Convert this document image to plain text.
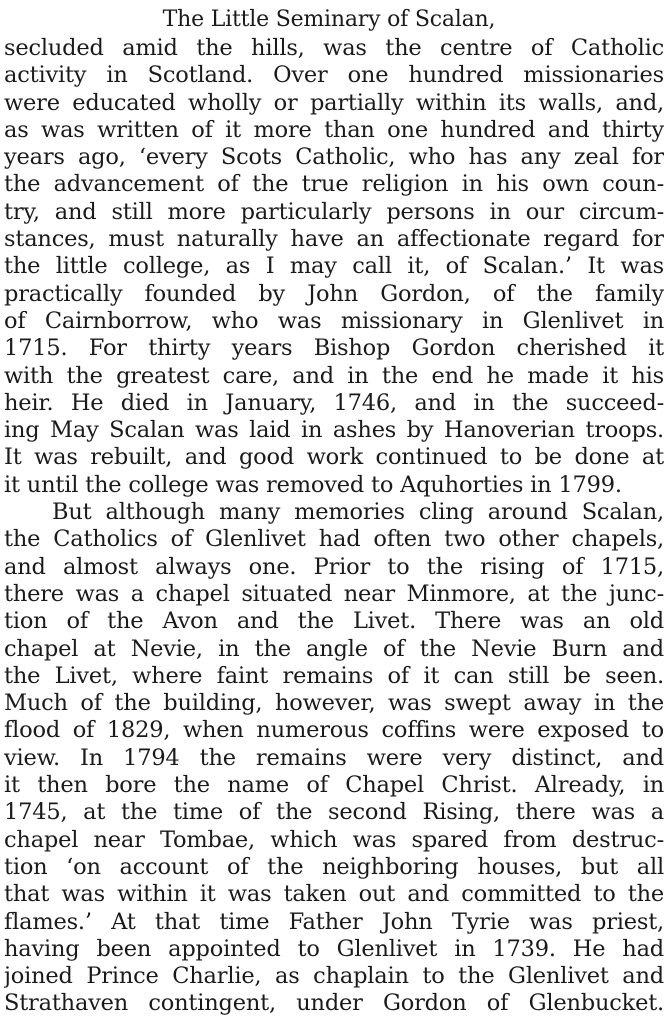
The Little Seminary of Scalan,
secluded amid the hills, was the centre of Catholic
activity in Scotland. Over one hundred missionaries
were educated wholly or partially within its walls, and,
as was written of it more than one hundred and thirty
years ago, ‘every Scots Catholic, who has any zeal for
the advancement of the true religion in his own coun-
try, and still more particularly persons in our circum-
stances, must naturally have an affectionate regard for
the little college, as I may call it, of Scalan.’ It was
practically founded by John Gordon, of the family
of Cairnborrow, who was missionary in Glenlivet in
1715. For thirty years Bishop Gordon cherished it
with the greatest care, and in the end he made it his
heir. He died in January, 1746, and in the succeed-
ing May Scalan was laid in ashes by Hanoverian troops.
It was rebuilt, and good work continued to be done at
it until the college was removed to Aquhorties in 1799.
But although many memories cling around Scalan,
the Catholics of Glenlivet had often two other chapels,
and almost always one. Prior to the rising of 1715,
there was a chapel situated near Minmore, at the junc-
tion of the Avon and the Livet. There was an old
chapel at Nevie, in the angle of the Nevie Burn and
the Livet, where faint remains of it can still be seen.
Much of the building, however, was swept away in the
flood of 1829, when numerous coffins were exposed to
view. In 1794 the remains were very distinct, and
it then bore the name of Chapel Christ. Already, in
1745, at the time of the second Rising, there was a
chapel near Tombae, which was spared from destruc-
tion ‘on account of the neighboring houses, but all
that was within it was taken out and committed to the
flames.’ At that time Father John Tyrie was priest,
having been appointed to Glenlivet in 1739. He had
joined Prince Charlie, as chaplain to the Glenlivet and
Strathaven contingent, under Gordon of Glenbucket.
